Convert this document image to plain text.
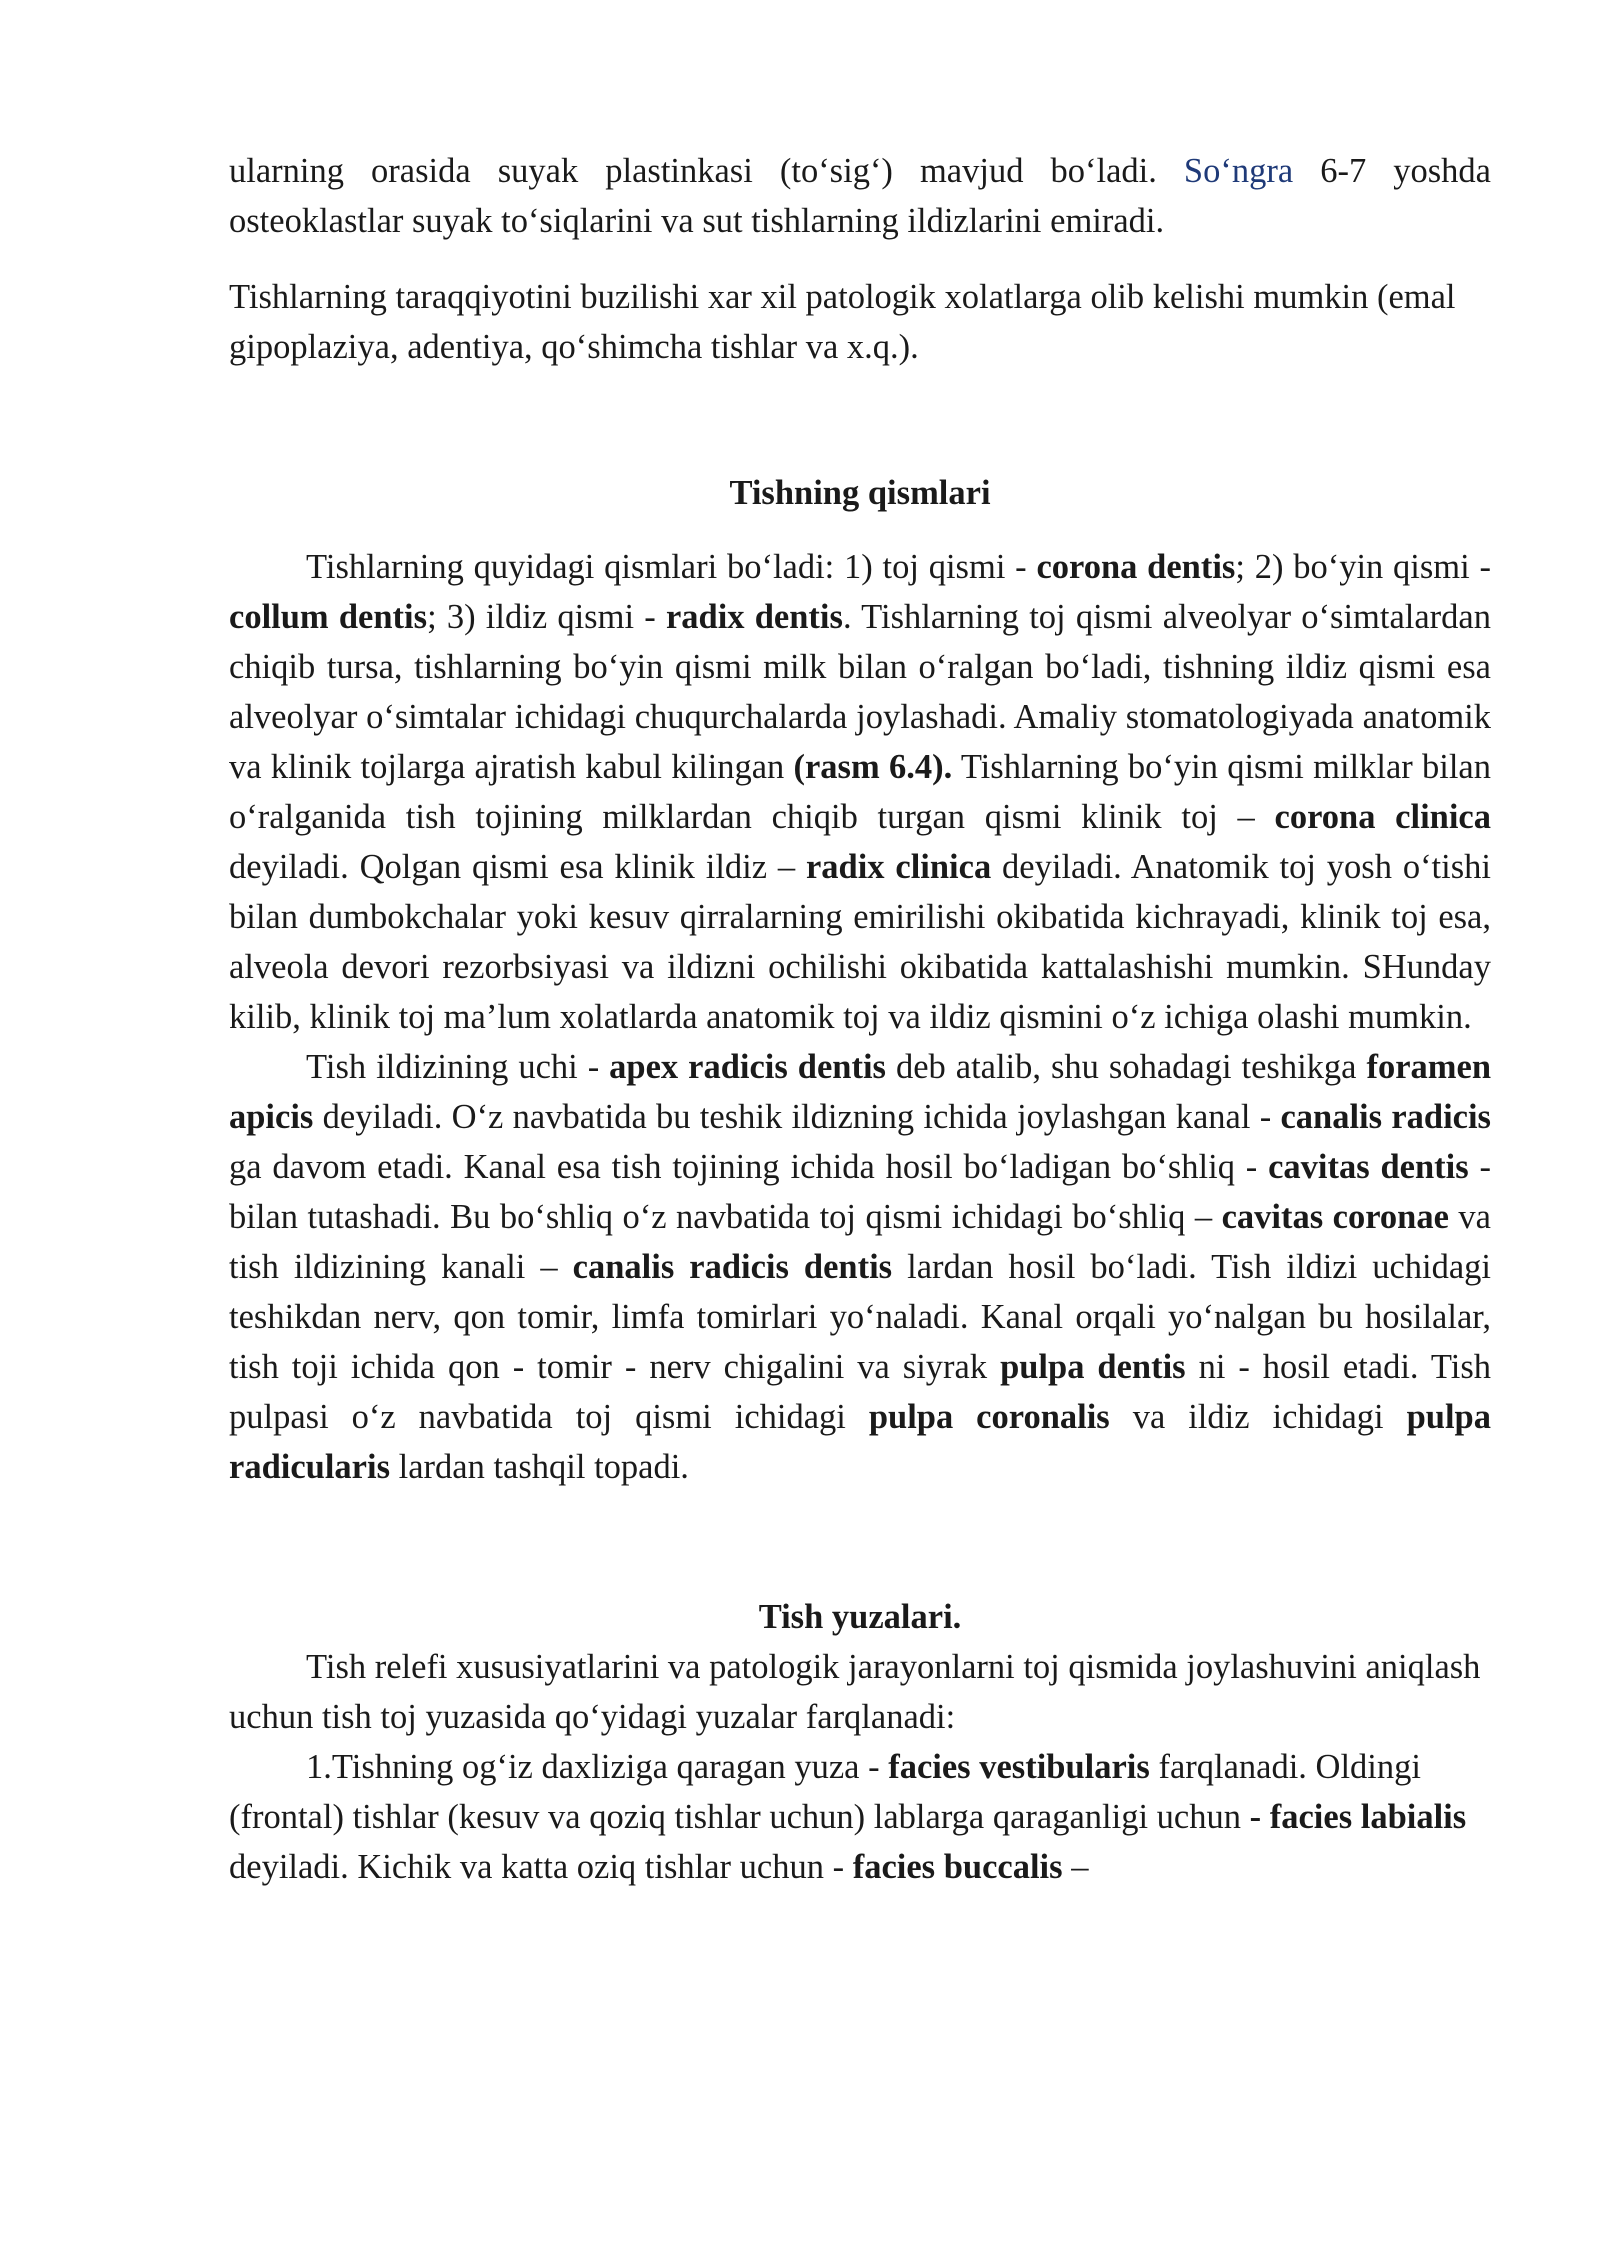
ularning orasida suyak plastinkasi (to‘sig‘) mavjud bo‘ladi. So‘ngra 6-7 yoshda osteoklastlar suyak to‘siqlarini va sut tishlarning ildizlarini emiradi.

Tishlarning taraqqiyotini buzilishi xar xil patologik xolatlarga olib kelishi mumkin (emal gipoplaziya, adentiya, qo‘shimcha tishlar va x.q.).

Tishning qismlari

Tishlarning quyidagi qismlari bo‘ladi: 1) toj qismi - corona dentis; 2) bo‘yin qismi - collum dentis; 3) ildiz qismi - radix dentis. Tishlarning toj qismi alveolyar o‘simtalardan chiqib tursa, tishlarning bo‘yin qismi milk bilan o‘ralgan bo‘ladi, tishning ildiz qismi esa alveolyar o‘simtalar ichidagi chuqurchalarda joylashadi. Amaliy stomatologiyada anatomik va klinik tojlarga ajratish kabul kilingan (rasm 6.4). Tishlarning bo‘yin qismi milklar bilan o‘ralganida tish tojining milklardan chiqib turgan qismi klinik toj – corona clinica deyiladi. Qolgan qismi esa klinik ildiz – radix clinica deyiladi. Anatomik toj yosh o‘tishi bilan dumbokchalar yoki kesuv qirralarning emirilishi okibatida kichrayadi, klinik toj esa, alveola devori rezorbsiyasi va ildizni ochilishi okibatida kattalashishi mumkin. SHunday kilib, klinik toj ma’lum xolatlarda anatomik toj va ildiz qismini o‘z ichiga olashi mumkin.

Tish ildizining uchi - apex radicis dentis deb atalib, shu sohadagi teshikga foramen apicis deyiladi. O‘z navbatida bu teshik ildizning ichida joylashgan kanal - canalis radicis ga davom etadi. Kanal esa tish tojining ichida hosil bo‘ladigan bo‘shliq - cavitas dentis - bilan tutashadi. Bu bo‘shliq o‘z navbatida toj qismi ichidagi bo‘shliq – cavitas coronae va tish ildizining kanali – canalis radicis dentis lardan hosil bo‘ladi. Tish ildizi uchidagi teshikdan nerv, qon tomir, limfa tomirlari yo‘naladi. Kanal orqali yo‘nalgan bu hosilalar, tish toji ichida qon - tomir - nerv chigalini va siyrak pulpa dentis ni - hosil etadi. Tish pulpasi o‘z navbatida toj qismi ichidagi pulpa coronalis va ildiz ichidagi pulpa radicularis lardan tashqil topadi.

Tish yuzalari.

Tish relefi xususiyatlarini va patologik jarayonlarni toj qismida joylashuvini aniqlash uchun tish toj yuzasida qo‘yidagi yuzalar farqlanadi:

1.Tishning og‘iz daxliziga qaragan yuza - facies vestibularis farqlanadi. Oldingi (frontal) tishlar (kesuv va qoziq tishlar uchun) lablarga qaraganligi uchun - facies labialis deyiladi. Kichik va katta oziq tishlar uchun - facies buccalis –
